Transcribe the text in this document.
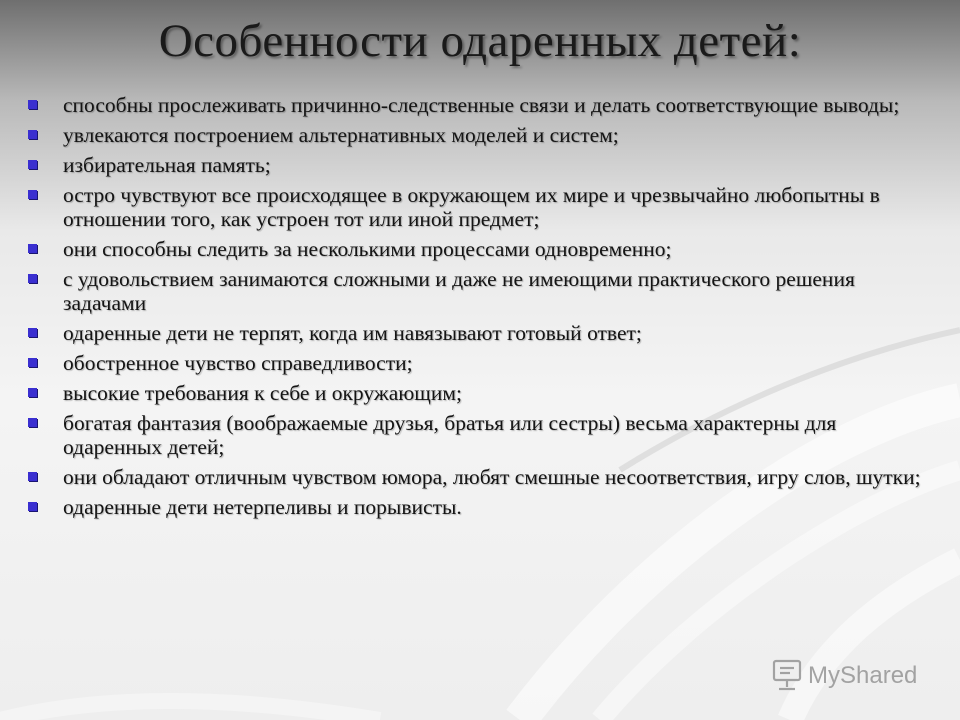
Особенности одаренных детей:
способны прослеживать причинно-следственные связи и делать соответствующие выводы;
увлекаются построением альтернативных моделей и систем;
избирательная память;
остро чувствуют все происходящее в окружающем их мире и чрезвычайно любопытны в отношении того, как устроен тот или иной предмет;
они способны следить за несколькими процессами одновременно;
с удовольствием занимаются сложными и даже не имеющими практического решения задачами
одаренные дети не терпят, когда им навязывают готовый ответ;
обостренное чувство справедливости;
высокие требования к себе и окружающим;
богатая фантазия (воображаемые друзья, братья или сестры) весьма характерны для одаренных детей;
они обладают отличным чувством юмора, любят смешные несоответствия, игру слов, шутки;
одаренные дети нетерпеливы и порывисты.
MyShared
